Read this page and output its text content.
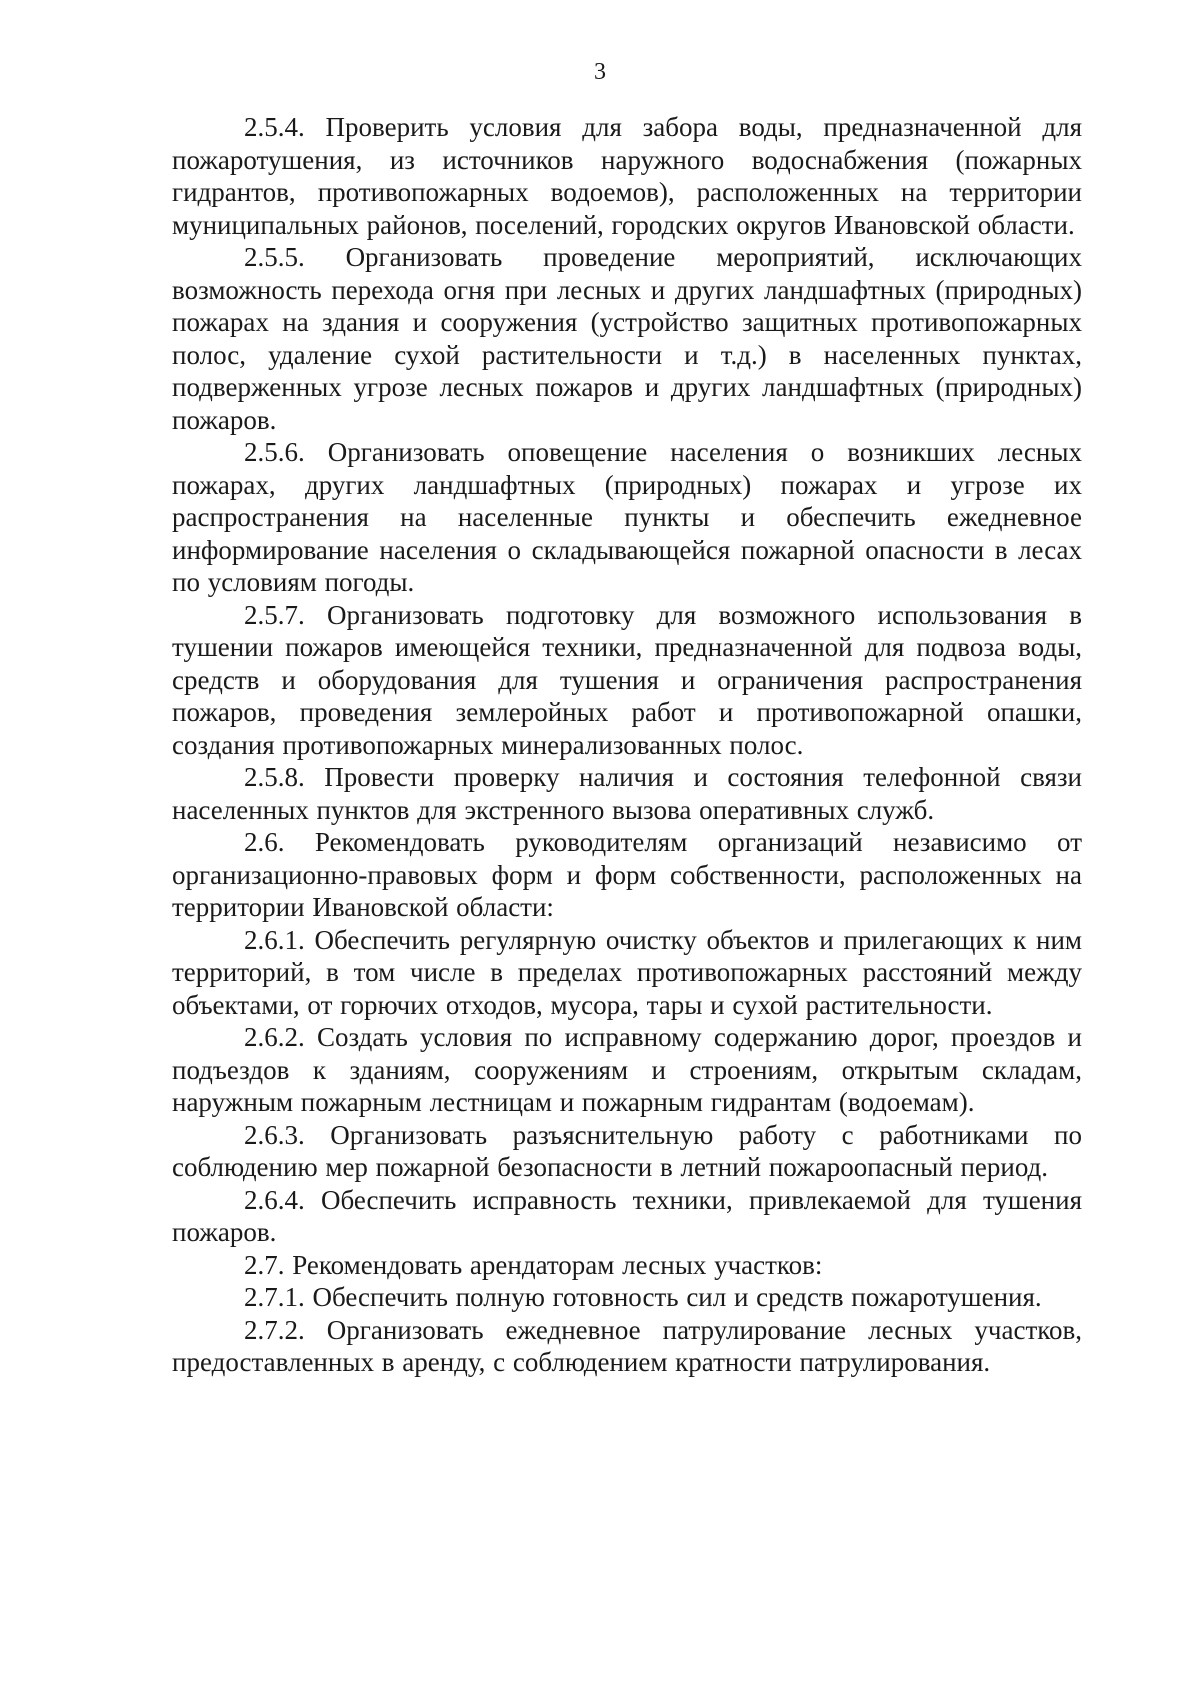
3

2.5.4. Проверить условия для забора воды, предназначенной для пожаротушения, из источников наружного водоснабжения (пожарных гидрантов, противопожарных водоемов), расположенных на территории муниципальных районов, поселений, городских округов Ивановской области.

2.5.5. Организовать проведение мероприятий, исключающих возможность перехода огня при лесных и других ландшафтных (природных) пожарах на здания и сооружения (устройство защитных противопожарных полос, удаление сухой растительности и т.д.) в населенных пунктах, подверженных угрозе лесных пожаров и других ландшафтных (природных) пожаров.

2.5.6. Организовать оповещение населения о возникших лесных пожарах, других ландшафтных (природных) пожарах и угрозе их распространения на населенные пункты и обеспечить ежедневное информирование населения о складывающейся пожарной опасности в лесах по условиям погоды.

2.5.7. Организовать подготовку для возможного использования в тушении пожаров имеющейся техники, предназначенной для подвоза воды, средств и оборудования для тушения и ограничения распространения пожаров, проведения землеройных работ и противопожарной опашки, создания противопожарных минерализованных полос.

2.5.8. Провести проверку наличия и состояния телефонной связи населенных пунктов для экстренного вызова оперативных служб.

2.6. Рекомендовать руководителям организаций независимо от организационно-правовых форм и форм собственности, расположенных на территории Ивановской области:

2.6.1. Обеспечить регулярную очистку объектов и прилегающих к ним территорий, в том числе в пределах противопожарных расстояний между объектами, от горючих отходов, мусора, тары и сухой растительности.

2.6.2. Создать условия по исправному содержанию дорог, проездов и подъездов к зданиям, сооружениям и строениям, открытым складам, наружным пожарным лестницам и пожарным гидрантам (водоемам).

2.6.3. Организовать разъяснительную работу с работниками по соблюдению мер пожарной безопасности в летний пожароопасный период.

2.6.4. Обеспечить исправность техники, привлекаемой для тушения пожаров.

2.7. Рекомендовать арендаторам лесных участков:

2.7.1. Обеспечить полную готовность сил и средств пожаротушения.

2.7.2. Организовать ежедневное патрулирование лесных участков, предоставленных в аренду, с соблюдением кратности патрулирования.
